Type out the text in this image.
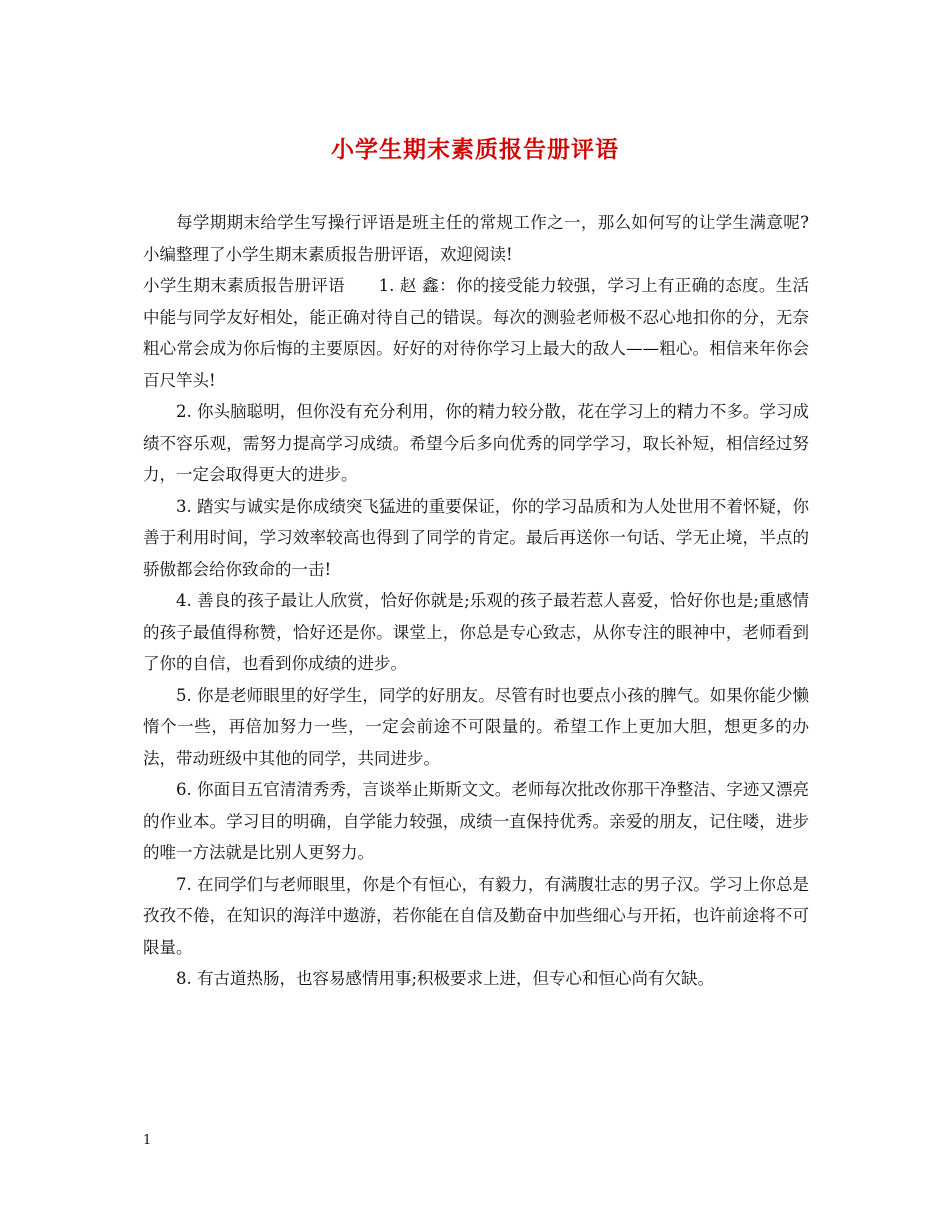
小学生期末素质报告册评语

每学期期末给学生写操行评语是班主任的常规工作之一，那么如何写的让学生满意呢?小编整理了小学生期末素质报告册评语，欢迎阅读!

小学生期末素质报告册评语　　1. 赵 鑫：你的接受能力较强，学习上有正确的态度。生活中能与同学友好相处，能正确对待自己的错误。每次的测验老师极不忍心地扣你的分，无奈粗心常会成为你后悔的主要原因。好好的对待你学习上最大的敌人——粗心。相信来年你会百尺竿头!

2. 你头脑聪明，但你没有充分利用，你的精力较分散，花在学习上的精力不多。学习成绩不容乐观，需努力提高学习成绩。希望今后多向优秀的同学学习，取长补短，相信经过努力，一定会取得更大的进步。

3. 踏实与诚实是你成绩突飞猛进的重要保证，你的学习品质和为人处世用不着怀疑，你善于利用时间，学习效率较高也得到了同学的肯定。最后再送你一句话、学无止境，半点的骄傲都会给你致命的一击!

4. 善良的孩子最让人欣赏，恰好你就是;乐观的孩子最若惹人喜爱，恰好你也是;重感情的孩子最值得称赞，恰好还是你。课堂上，你总是专心致志，从你专注的眼神中，老师看到了你的自信，也看到你成绩的进步。

5. 你是老师眼里的好学生，同学的好朋友。尽管有时也要点小孩的脾气。如果你能少懒惰个一些，再倍加努力一些，一定会前途不可限量的。希望工作上更加大胆，想更多的办法，带动班级中其他的同学，共同进步。

6. 你面目五官清清秀秀，言谈举止斯斯文文。老师每次批改你那干净整洁、字迹又漂亮的作业本。学习目的明确，自学能力较强，成绩一直保持优秀。亲爱的朋友，记住喽，进步的唯一方法就是比别人更努力。

7. 在同学们与老师眼里，你是个有恒心，有毅力，有满腹壮志的男子汉。学习上你总是孜孜不倦，在知识的海洋中遨游，若你能在自信及勤奋中加些细心与开拓，也许前途将不可限量。

8. 有古道热肠，也容易感情用事;积极要求上进，但专心和恒心尚有欠缺。

1
